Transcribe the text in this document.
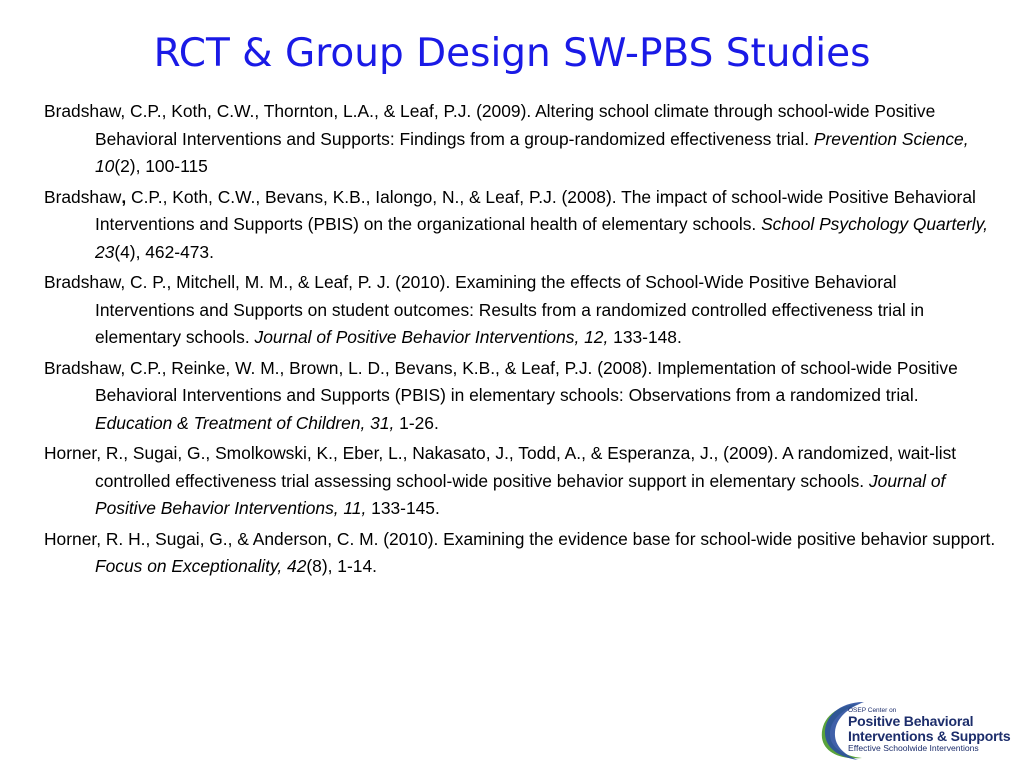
RCT & Group Design SW-PBS Studies
Bradshaw, C.P., Koth, C.W., Thornton, L.A., & Leaf, P.J. (2009). Altering school climate through school-wide Positive Behavioral Interventions and Supports: Findings from a group-randomized effectiveness trial. Prevention Science, 10(2), 100-115
Bradshaw, C.P., Koth, C.W., Bevans, K.B., Ialongo, N., & Leaf, P.J. (2008). The impact of school-wide Positive Behavioral Interventions and Supports (PBIS) on the organizational health of elementary schools. School Psychology Quarterly, 23(4), 462-473.
Bradshaw, C. P., Mitchell, M. M., & Leaf, P. J. (2010). Examining the effects of School-Wide Positive Behavioral Interventions and Supports on student outcomes: Results from a randomized controlled effectiveness trial in elementary schools. Journal of Positive Behavior Interventions, 12, 133-148.
Bradshaw, C.P., Reinke, W. M., Brown, L. D., Bevans, K.B., & Leaf, P.J. (2008). Implementation of school-wide Positive Behavioral Interventions and Supports (PBIS) in elementary schools: Observations from a randomized trial. Education & Treatment of Children, 31, 1-26.
Horner, R., Sugai, G., Smolkowski, K., Eber, L., Nakasato, J., Todd, A., & Esperanza, J., (2009). A randomized, wait-list controlled effectiveness trial assessing school-wide positive behavior support in elementary schools. Journal of Positive Behavior Interventions, 11, 133-145.
Horner, R. H., Sugai, G., & Anderson, C. M. (2010). Examining the evidence base for school-wide positive behavior support. Focus on Exceptionality, 42(8), 1-14.
OSEP Center on
Positive Behavioral
Interventions & Supports
Effective Schoolwide Interventions
